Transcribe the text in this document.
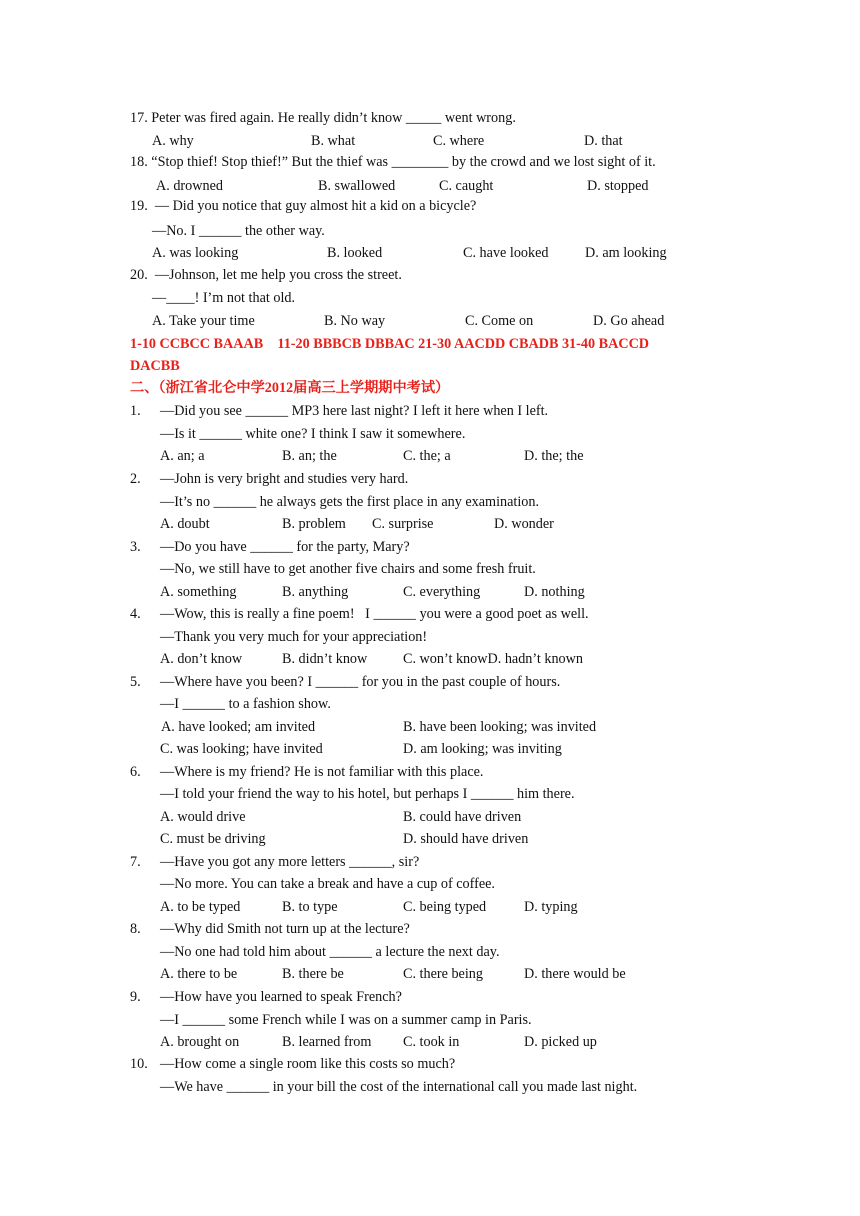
17. Peter was fired again. He really didn’t know _____ went wrong.
A. why	B. what	C. where	D. that
18. “Stop thief! Stop thief!” But the thief was ________ by the crowd and we lost sight of it.
A. drowned	B. swallowed	C. caught	D. stopped
19.  — Did you notice that guy almost hit a kid on a bicycle?
—No. I ______ the other way.
A. was looking	B. looked	C. have looked	D. am looking
20.  —Johnson, let me help you cross the street.
—____! I’m not that old.
A. Take your time	B. No way	C. Come on	D. Go ahead
1-10 CCBCC BAAAB    11-20 BBBCB DBBAC 21-30 AACDD CBADB 31-40 BACCD
DACBB
二、（浙江省北仑中学2012届高三上学期期中考试）
1. —Did you see ______ MP3 here last night? I left it here when I left.
—Is it ______ white one? I think I saw it somewhere.
A. an; a	B. an; the	C. the; a	D. the; the
2. —John is very bright and studies very hard.
—It’s no ______ he always gets the first place in any examination.
A. doubt	B. problem C. surprise	D. wonder
3. —Do you have ______ for the party, Mary?
—No, we still have to get another five chairs and some fresh fruit.
A. something	B. anything	C. everything	D. nothing
4. —Wow, this is really a fine poem!   I ______ you were a good poet as well.
—Thank you very much for your appreciation!
A. don’t know	B. didn’t know	C. won’t knowD. hadn’t known
5. —Where have you been? I ______ for you in the past couple of hours.
—I ______ to a fashion show.
A. have looked; am invited	B. have been looking; was invited
C. was looking; have invited	D. am looking; was inviting
6. —Where is my friend? He is not familiar with this place.
—I told your friend the way to his hotel, but perhaps I ______ him there.
A. would drive	B. could have driven
C. must be driving	D. should have driven
7. —Have you got any more letters ______, sir?
—No more. You can take a break and have a cup of coffee.
A. to be typed	B. to type	C. being typed	D. typing
8. —Why did Smith not turn up at the lecture?
—No one had told him about ______ a lecture the next day.
A. there to be	B. there be	C. there being	D. there would be
9. —How have you learned to speak French?
—I ______ some French while I was on a summer camp in Paris.
A. brought on	B. learned from C. took in	D. picked up
10. —How come a single room like this costs so much?
—We have ______ in your bill the cost of the international call you made last night.
